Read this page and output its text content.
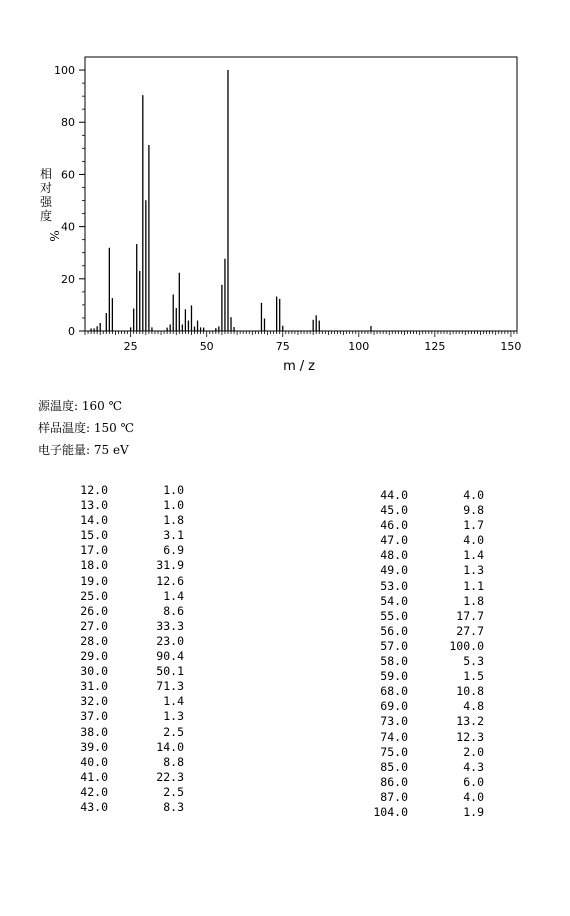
25	50	75	100	125	150
0
20
40
60
80
100
m/z
相
对
强
度
%
源温度: 160 ℃
样品温度: 150 ℃
电子能量: 75 eV
12.0	1.0
13.0	1.0
14.0	1.8
15.0	3.1
17.0	6.9
18.0	31.9
19.0	12.6
25.0	1.4
26.0	8.6
27.0	33.3
28.0	23.0
29.0	90.4
30.0	50.1
31.0	71.3
32.0	1.4
37.0	1.3
38.0	2.5
39.0	14.0
40.0	8.8
41.0	22.3
42.0	2.5
43.0	8.3
44.0	4.0
45.0	9.8
46.0	1.7
47.0	4.0
48.0	1.4
49.0	1.3
53.0	1.1
54.0	1.8
55.0	17.7
56.0	27.7
57.0	100.0
58.0	5.3
59.0	1.5
68.0	10.8
69.0	4.8
73.0	13.2
74.0	12.3
75.0	2.0
85.0	4.3
86.0	6.0
87.0	4.0
104.0	1.9
